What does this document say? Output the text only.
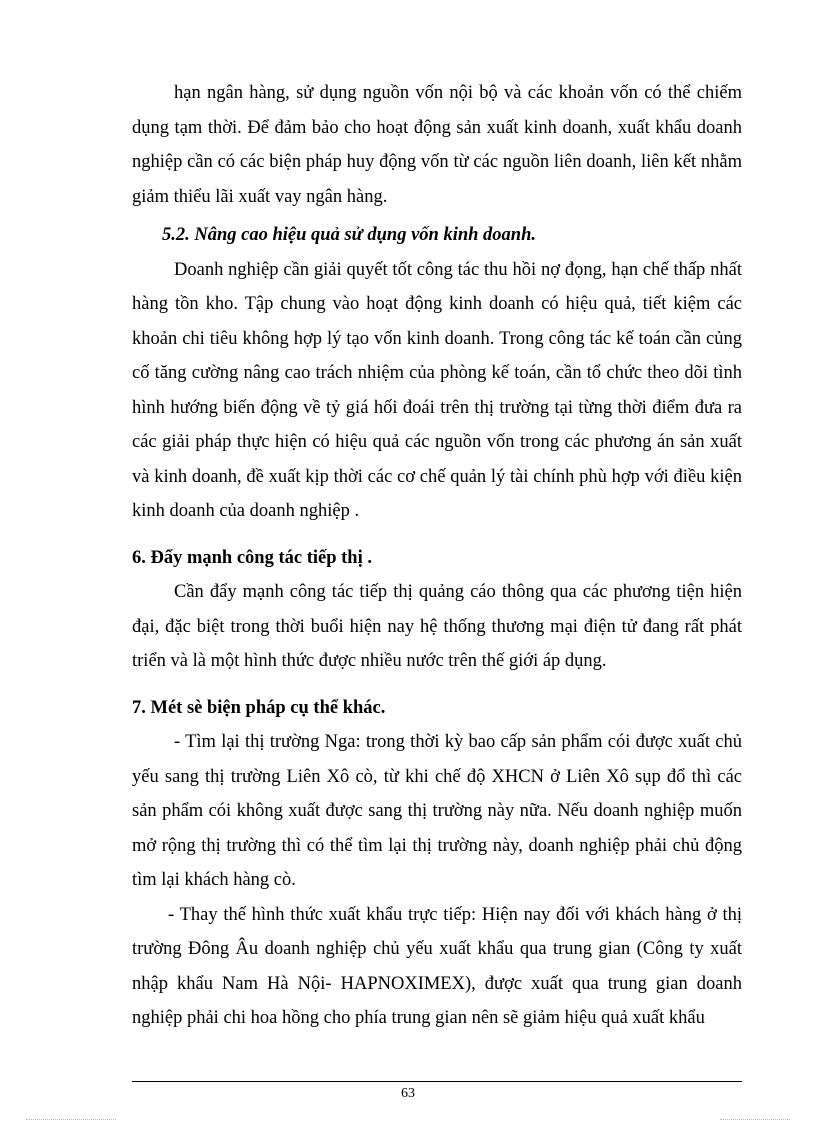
hạn ngân hàng, sử dụng nguồn vốn nội bộ và các khoản vốn có thể chiếm dụng tạm thời. Để đảm bảo cho hoạt động sản xuất kinh doanh, xuất khẩu doanh nghiệp cần có các biện pháp huy động vốn từ các nguồn liên doanh, liên kết nhằm giảm thiểu lãi xuất vay ngân hàng.

5.2. Nâng cao hiệu quả sử dụng vốn kinh doanh.

Doanh nghiệp cần giải quyết tốt công tác thu hồi nợ đọng, hạn chế thấp nhất hàng tồn kho. Tập chung vào hoạt động kinh doanh có hiệu quả, tiết kiệm các khoản chi tiêu không hợp lý tạo vốn kinh doanh. Trong công tác kế toán cần củng cố tăng cường nâng cao trách nhiệm của phòng kế toán, cần tổ chức theo dõi tình hình hướng biến động về tỷ giá hối đoái trên thị trường tại từng thời điểm đưa ra các giải pháp thực hiện có hiệu quả các nguồn vốn trong các phương án sản xuất và kinh doanh, đề xuất kịp thời các cơ chế quản lý tài chính phù hợp với điều kiện kinh doanh của doanh nghiệp .

6. Đẩy mạnh công tác tiếp thị .

Cần đẩy mạnh công tác tiếp thị quảng cáo thông qua các phương tiện hiện đại, đặc biệt trong thời buổi hiện nay hệ thống thương mại điện tử đang rất phát triển và là một hình thức được nhiều nước trên thế giới áp dụng.

7. Mét sè biện pháp cụ thể khác.

- Tìm lại thị trường Nga: trong thời kỳ bao cấp sản phẩm cói được xuất chủ yếu sang thị trường Liên Xô cò, từ khi chế độ XHCN ở Liên Xô sụp đổ thì các sản phẩm cói không xuất được sang thị trường này nữa. Nếu doanh nghiệp muốn mở rộng thị trường thì có thể tìm lại thị trường này, doanh nghiệp phải chủ động tìm lại khách hàng cò.

- Thay thế hình thức xuất khẩu trực tiếp: Hiện nay đối với khách hàng ở thị trường Đông Âu doanh nghiệp chủ yếu xuất khẩu qua trung gian (Công ty xuất nhập khẩu Nam Hà Nội- HAPNOXIMEX), được xuất qua trung gian doanh nghiệp phải chi hoa hồng cho phía trung gian nên sẽ giảm hiệu quả xuất khẩu

63
